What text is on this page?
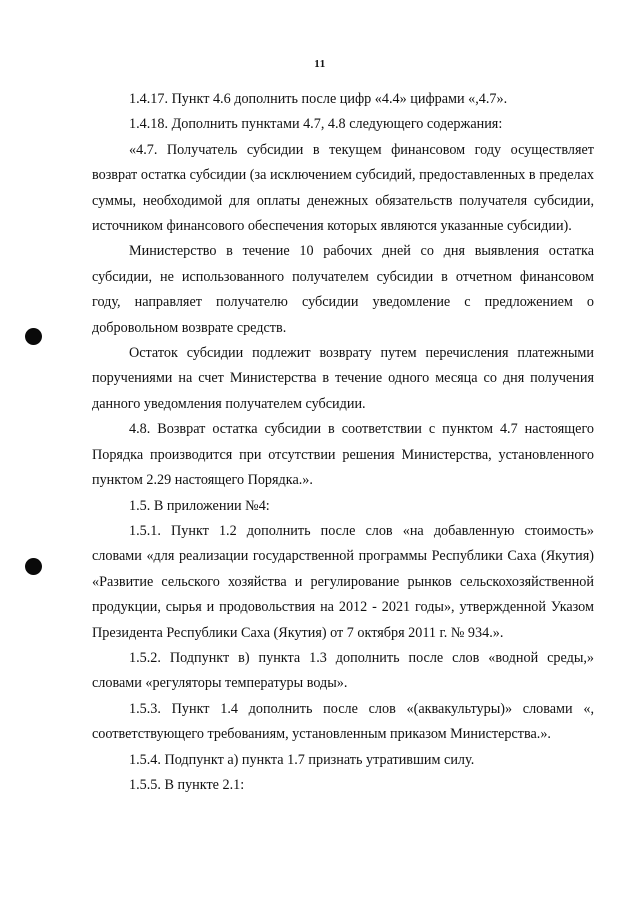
11

1.4.17. Пункт 4.6 дополнить после цифр «4.4» цифрами «,4.7».

1.4.18. Дополнить пунктами 4.7, 4.8 следующего содержания:

«4.7. Получатель субсидии в текущем финансовом году осуществляет возврат остатка субсидии (за исключением субсидий, предоставленных в пределах суммы, необходимой для оплаты денежных обязательств получателя субсидии, источником финансового обеспечения которых являются указанные субсидии).

Министерство в течение 10 рабочих дней со дня выявления остатка субсидии, не использованного получателем субсидии в отчетном финансовом году, направляет получателю субсидии уведомление с предложением о добровольном возврате средств.

Остаток субсидии подлежит возврату путем перечисления платежными поручениями на счет Министерства в течение одного месяца со дня получения данного уведомления получателем субсидии.

4.8. Возврат остатка субсидии в соответствии с пунктом 4.7 настоящего Порядка производится при отсутствии решения Министерства, установленного пунктом 2.29 настоящего Порядка.».

1.5. В приложении №4:

1.5.1. Пункт 1.2 дополнить после слов «на добавленную стоимость» словами «для реализации государственной программы Республики Саха (Якутия) «Развитие сельского хозяйства и регулирование рынков сельскохозяйственной продукции, сырья и продовольствия на 2012 - 2021 годы», утвержденной Указом Президента Республики Саха (Якутия) от 7 октября 2011 г. № 934.».

1.5.2. Подпункт в) пункта 1.3 дополнить после слов «водной среды,» словами «регуляторы температуры воды».

1.5.3. Пункт 1.4 дополнить после слов «(аквакультуры)» словами «, соответствующего требованиям, установленным приказом Министерства.».

1.5.4. Подпункт а) пункта 1.7 признать утратившим силу.

1.5.5. В пункте 2.1:
